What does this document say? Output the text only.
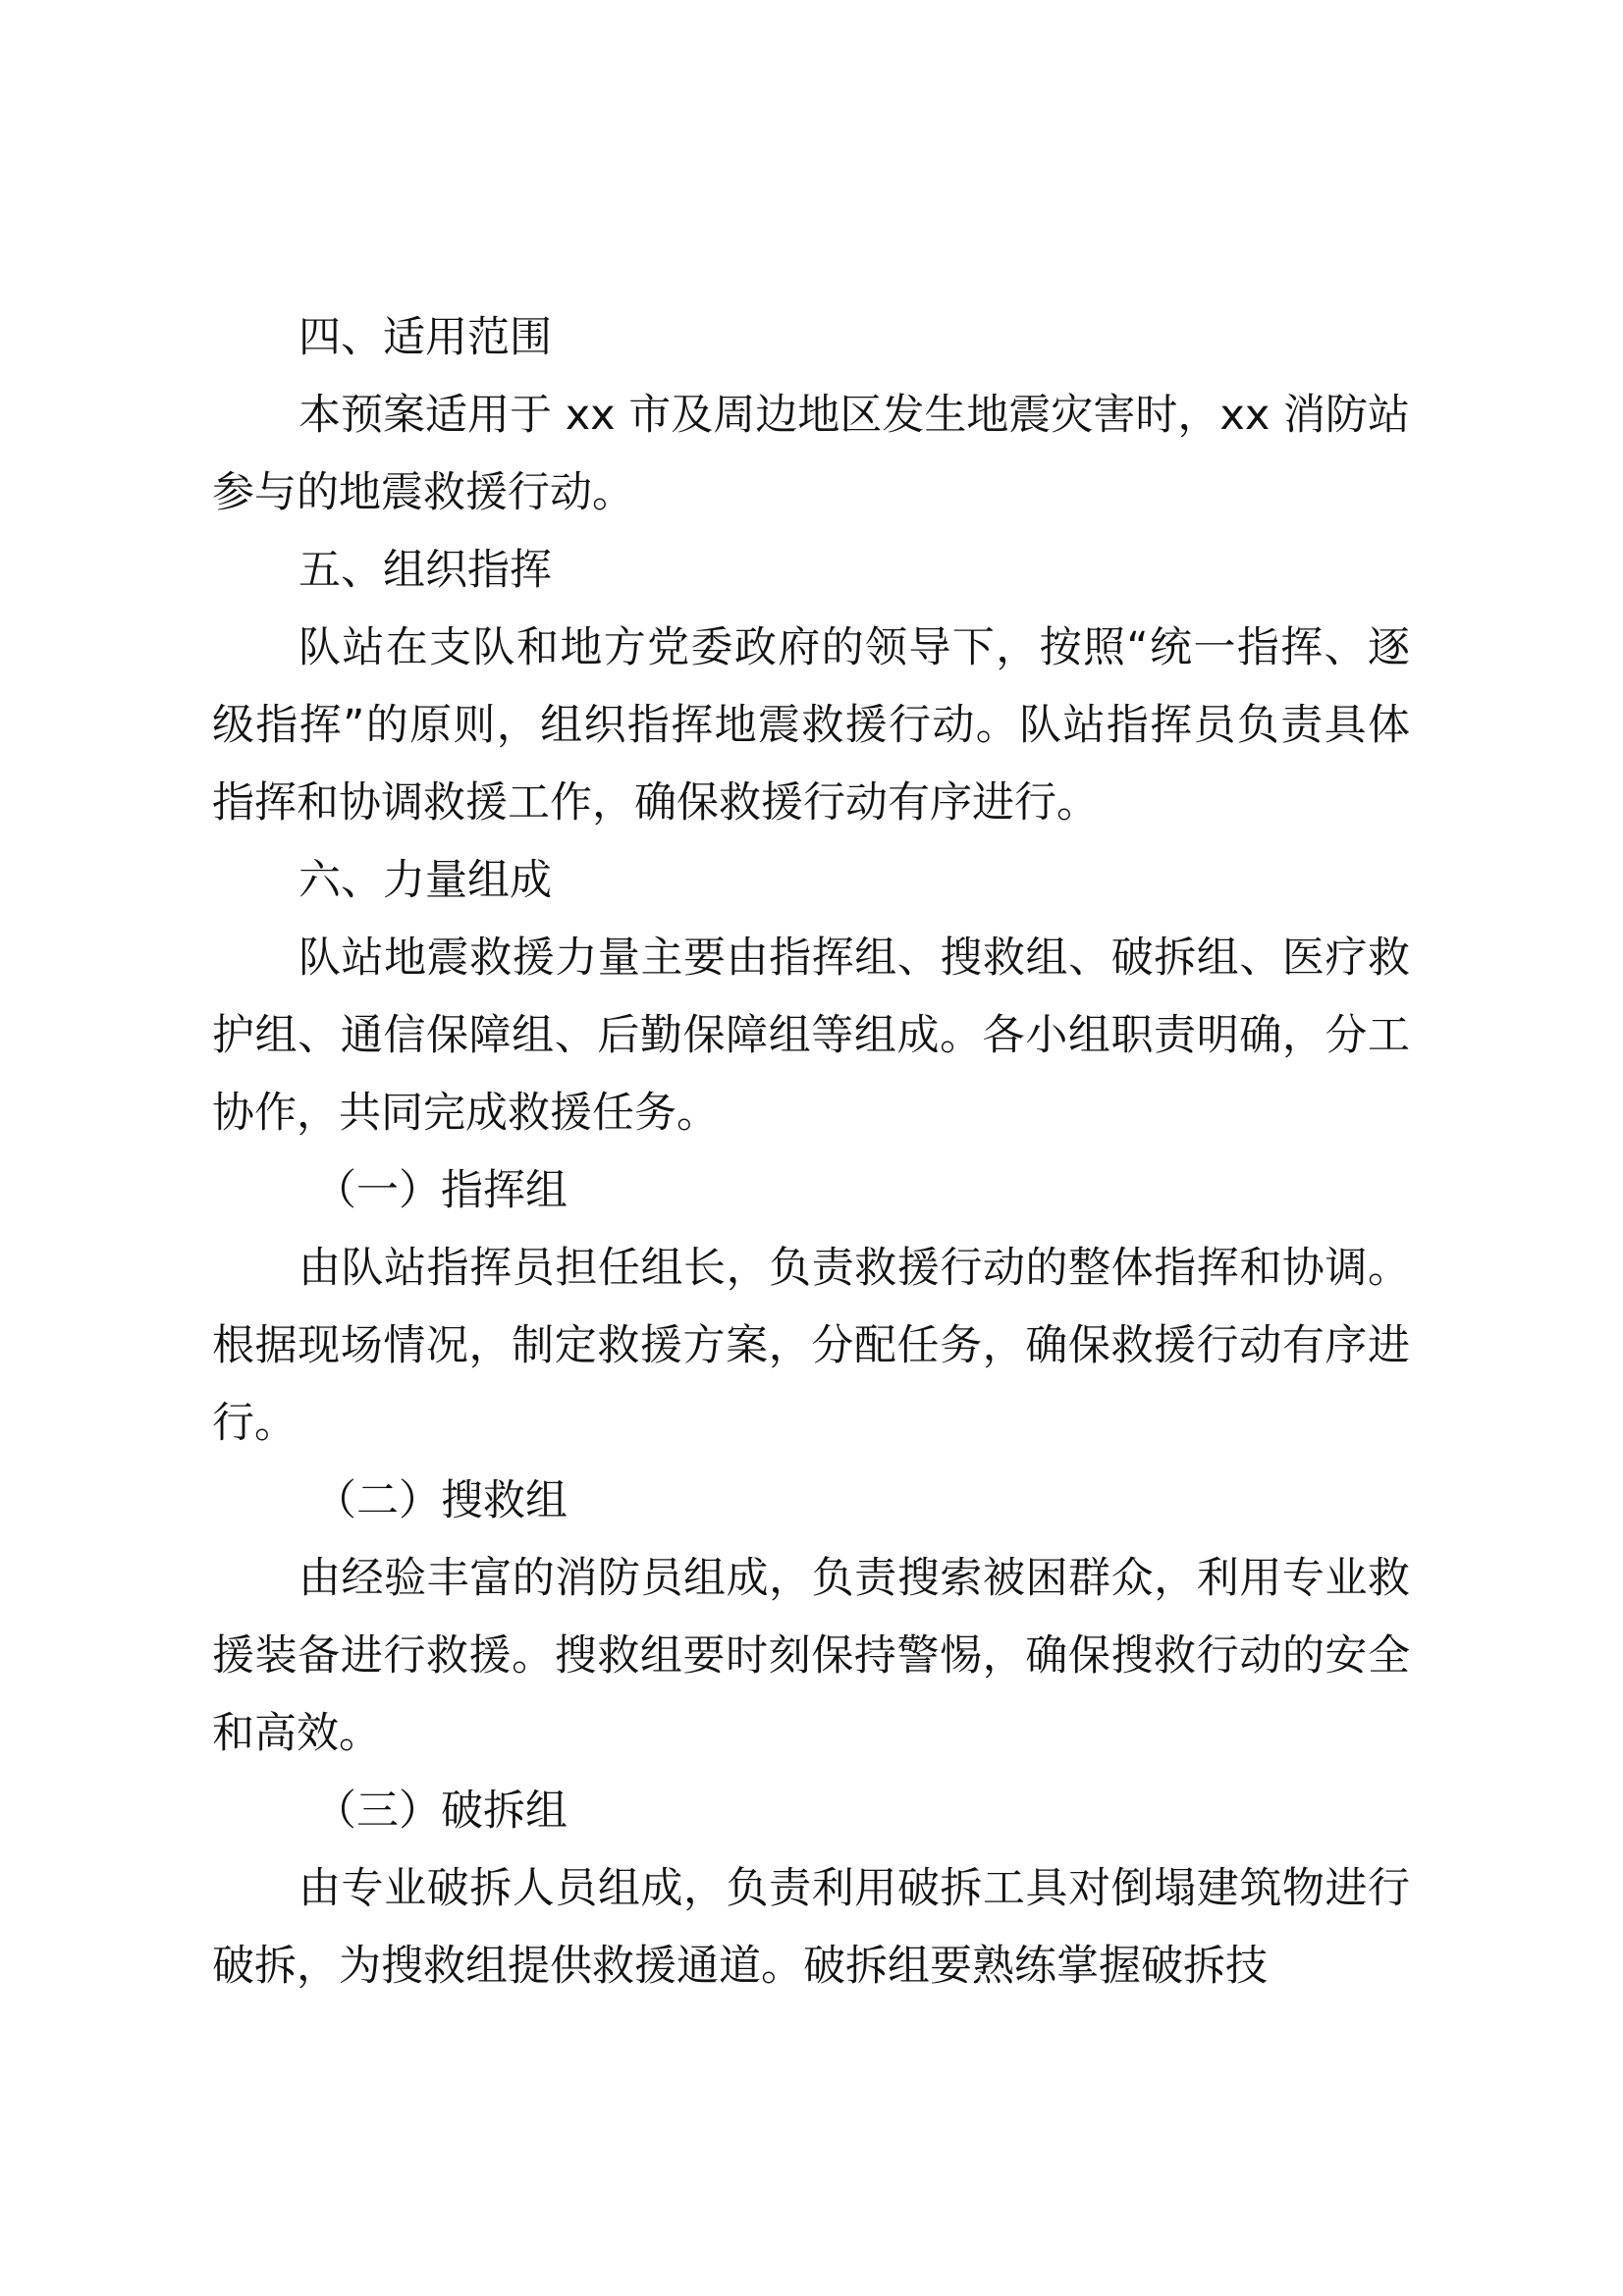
四、适用范围

本预案适用于 xx 市及周边地区发生地震灾害时，xx 消防站参与的地震救援行动。

五、组织指挥

队站在支队和地方党委政府的领导下，按照“统一指挥、逐级指挥”的原则，组织指挥地震救援行动。队站指挥员负责具体指挥和协调救援工作，确保救援行动有序进行。

六、力量组成

队站地震救援力量主要由指挥组、搜救组、破拆组、医疗救护组、通信保障组、后勤保障组等组成。各小组职责明确，分工协作，共同完成救援任务。

（一）指挥组

由队站指挥员担任组长，负责救援行动的整体指挥和协调。根据现场情况，制定救援方案，分配任务，确保救援行动有序进行。

（二）搜救组

由经验丰富的消防员组成，负责搜索被困群众，利用专业救援装备进行救援。搜救组要时刻保持警惕，确保搜救行动的安全和高效。

（三）破拆组

由专业破拆人员组成，负责利用破拆工具对倒塌建筑物进行破拆，为搜救组提供救援通道。破拆组要熟练掌握破拆技
